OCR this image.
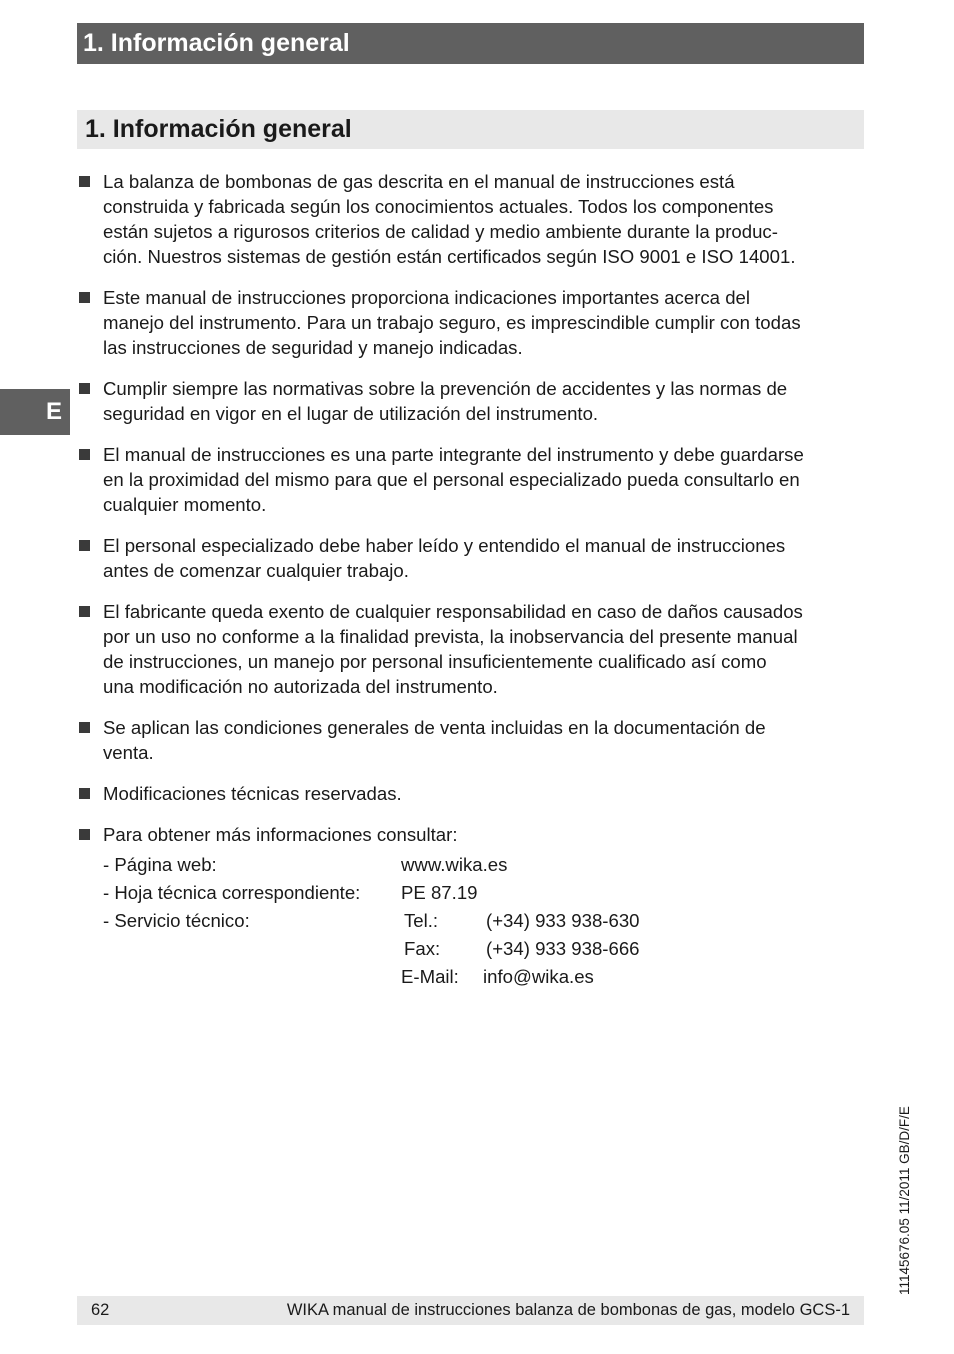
1. Información general
1. Información general
E
La balanza de bombonas de gas descrita en el manual de instrucciones está
construida y fabricada según los conocimientos actuales. Todos los componentes
están sujetos a rigurosos criterios de calidad y medio ambiente durante la produc-
ción. Nuestros sistemas de gestión están certificados según ISO 9001 e ISO 14001.
Este manual de instrucciones proporciona indicaciones importantes acerca del
manejo del instrumento. Para un trabajo seguro, es imprescindible cumplir con todas
las instrucciones de seguridad y manejo indicadas.
Cumplir siempre las normativas sobre la prevención de accidentes y las normas de
seguridad en vigor en el lugar de utilización del instrumento.
El manual de instrucciones es una parte integrante del instrumento y debe guardarse
en la proximidad del mismo para que el personal especializado pueda consultarlo en
cualquier momento.
El personal especializado debe haber leído y entendido el manual de instrucciones
antes de comenzar cualquier trabajo.
El fabricante queda exento de cualquier responsabilidad en caso de daños causados
por un uso no conforme a la finalidad prevista, la inobservancia del presente manual
de instrucciones, un manejo por personal insuficientemente cualificado así como
una modificación no autorizada del instrumento.
Se aplican las condiciones generales de venta incluidas en la documentación de
venta.
Modificaciones técnicas reservadas.
Para obtener más informaciones consultar:
- Página web:	www.wika.es
- Hoja técnica correspondiente: PE 87.19
- Servicio técnico:	Tel.:	(+34) 933 938-630
Fax: (+34) 933 938-666
E-Mail: info@wika.es
11145676.05 11/2011 GB/D/F/E
62	WIKA manual de instrucciones balanza de bombonas de gas, modelo GCS-1
